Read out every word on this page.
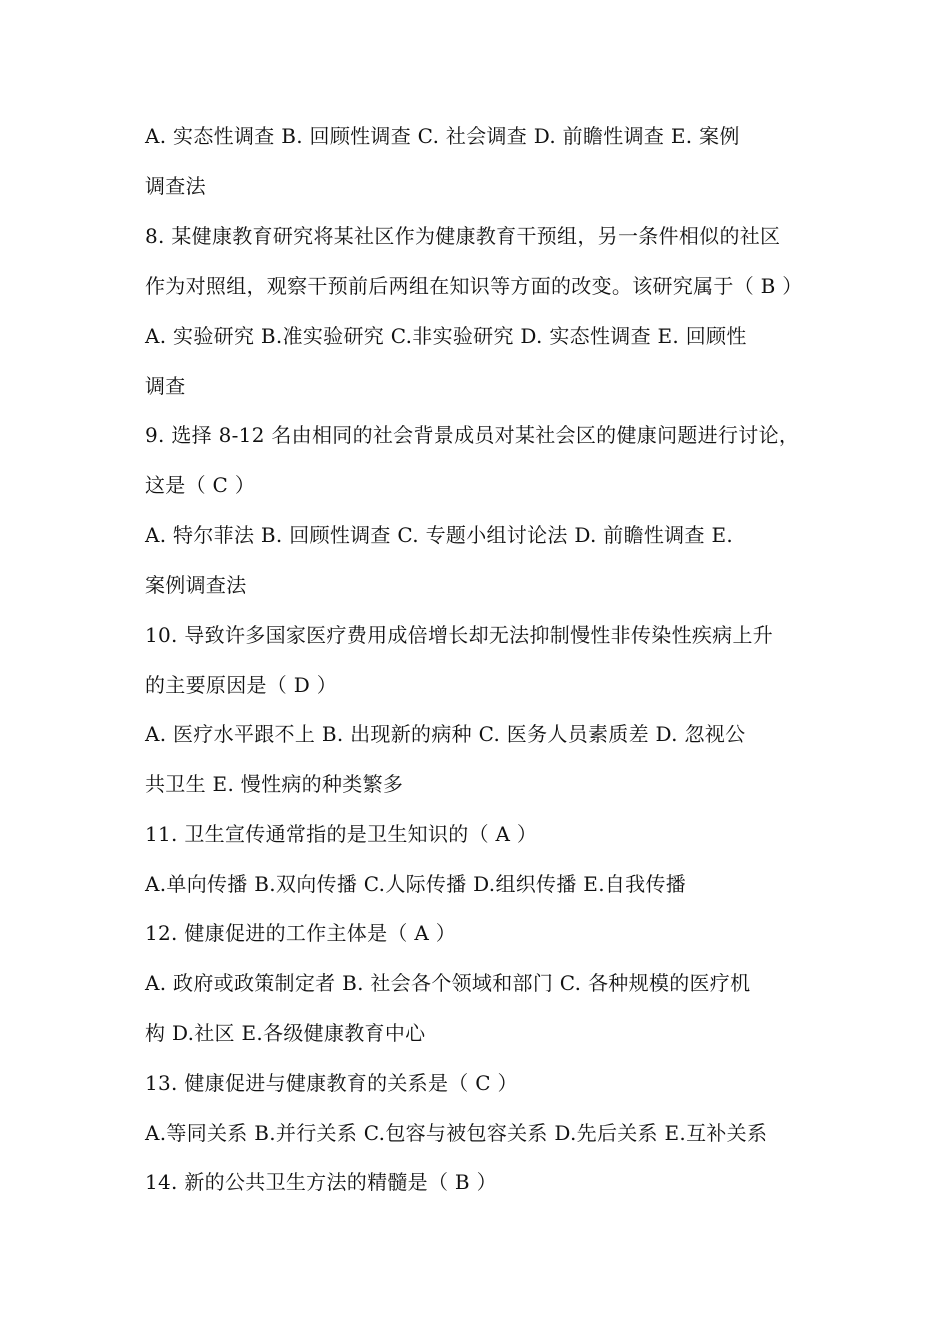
A. 实态性调查 B. 回顾性调查 C. 社会调查 D. 前瞻性调查 E. 案例
调查法
8. 某健康教育研究将某社区作为健康教育干预组，另一条件相似的社区
作为对照组，观察干预前后两组在知识等方面的改变。该研究属于（ B ）
A. 实验研究 B.准实验研究 C.非实验研究 D. 实态性调查 E. 回顾性
调查
9. 选择 8-12 名由相同的社会背景成员对某社会区的健康问题进行讨论，
这是（ C ）
A. 特尔菲法 B. 回顾性调查 C. 专题小组讨论法 D. 前瞻性调查 E.
案例调查法
10. 导致许多国家医疗费用成倍增长却无法抑制慢性非传染性疾病上升
的主要原因是（ D ）
A. 医疗水平跟不上 B. 出现新的病种 C. 医务人员素质差 D. 忽视公
共卫生 E. 慢性病的种类繁多
11. 卫生宣传通常指的是卫生知识的（ A ）
A.单向传播 B.双向传播 C.人际传播 D.组织传播 E.自我传播
12. 健康促进的工作主体是（ A ）
A. 政府或政策制定者 B. 社会各个领域和部门 C. 各种规模的医疗机
构 D.社区 E.各级健康教育中心
13. 健康促进与健康教育的关系是（ C ）
A.等同关系 B.并行关系 C.包容与被包容关系 D.先后关系 E.互补关系
14. 新的公共卫生方法的精髓是（ B ）
